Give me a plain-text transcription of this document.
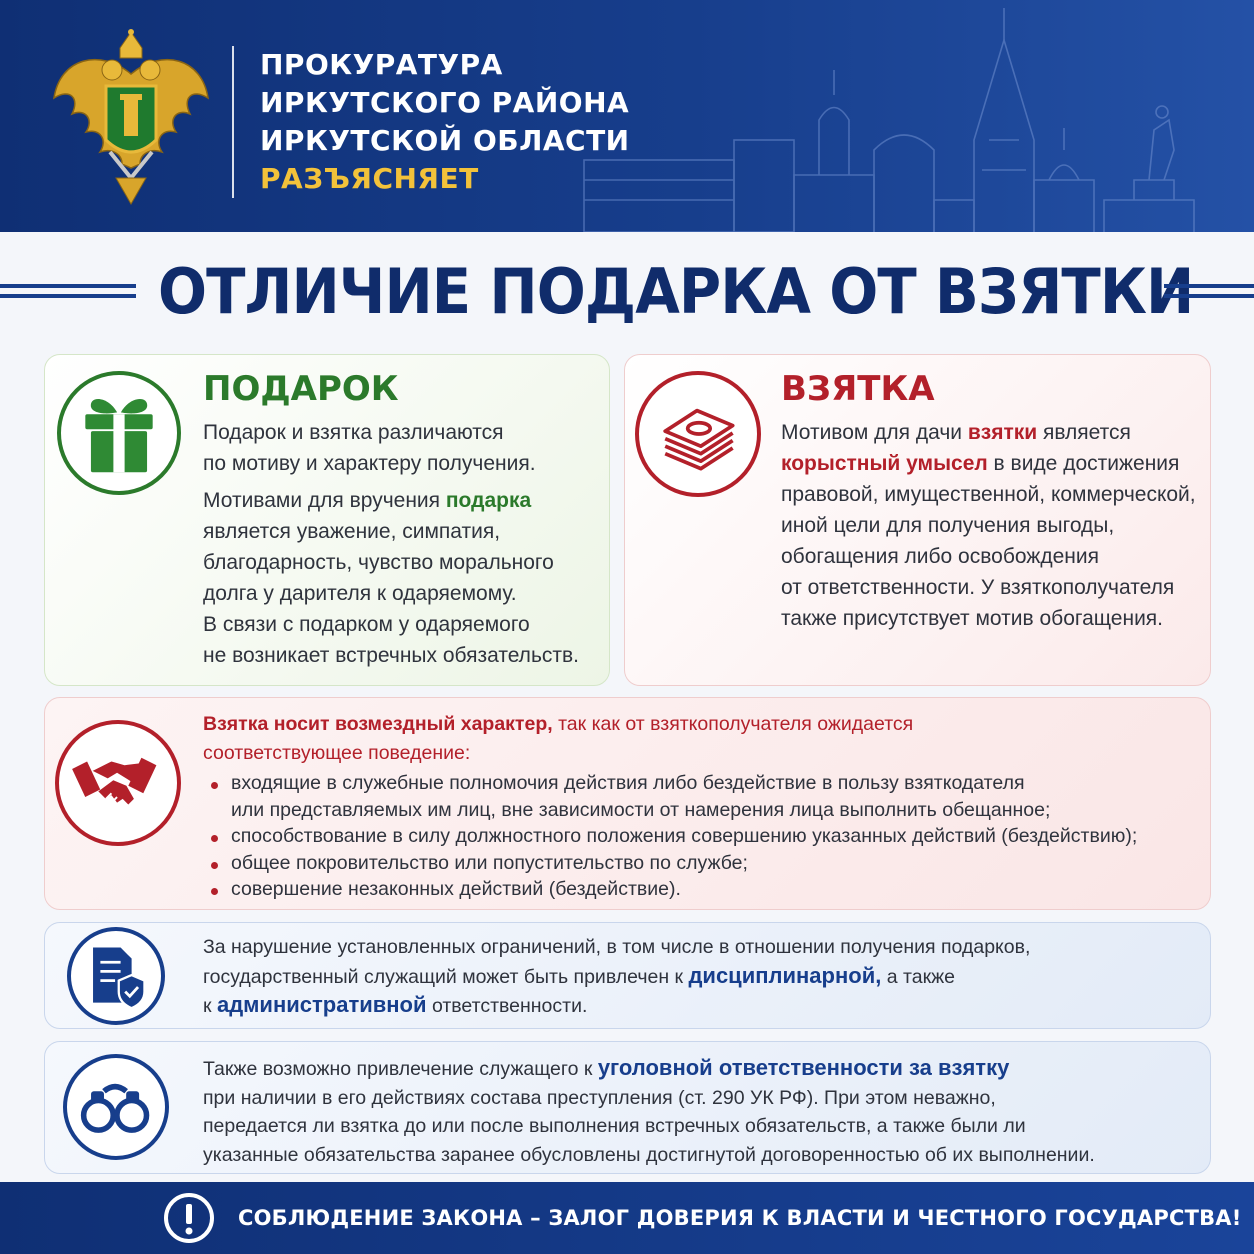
ПРОКУРАТУРА
ИРКУТСКОГО РАЙОНА
ИРКУТСКОЙ ОБЛАСТИ
РАЗЪЯСНЯЕТ
ОТЛИЧИЕ ПОДАРКА ОТ ВЗЯТКИ
ПОДАРОК
Подарок и взятка различаются
по мотиву и характеру получения.
Мотивами для вручения подарка
является уважение, симпатия,
благодарность, чувство морального
долга у дарителя к одаряемому.
В связи с подарком у одаряемого
не возникает встречных обязательств.
ВЗЯТКА
Мотивом для дачи взятки является
корыстный умысел в виде достижения
правовой, имущественной, коммерческой,
иной цели для получения выгоды,
обогащения либо освобождения
от ответственности. У взяткополучателя
также присутствует мотив обогащения.
Взятка носит возмездный характер, так как от взяткополучателя ожидается
соответствующее поведение:
входящие в служебные полномочия действия либо бездействие в пользу взяткодателя
или представляемых им лиц, вне зависимости от намерения лица выполнить обещанное;
способствование в силу должностного положения совершению указанных действий (бездействию);
общее покровительство или попустительство по службе;
совершение незаконных действий (бездействие).
За нарушение установленных ограничений, в том числе в отношении получения подарков,
государственный служащий может быть привлечен к дисциплинарной, а также
к административной ответственности.
Также возможно привлечение служащего к уголовной ответственности за взятку
при наличии в его действиях состава преступления (ст. 290 УК РФ). При этом неважно,
передается ли взятка до или после выполнения встречных обязательств, а также были ли
указанные обязательства заранее обусловлены достигнутой договоренностью об их выполнении.
СОБЛЮДЕНИЕ ЗАКОНА – ЗАЛОГ ДОВЕРИЯ К ВЛАСТИ И ЧЕСТНОГО ГОСУДАРСТВА!
